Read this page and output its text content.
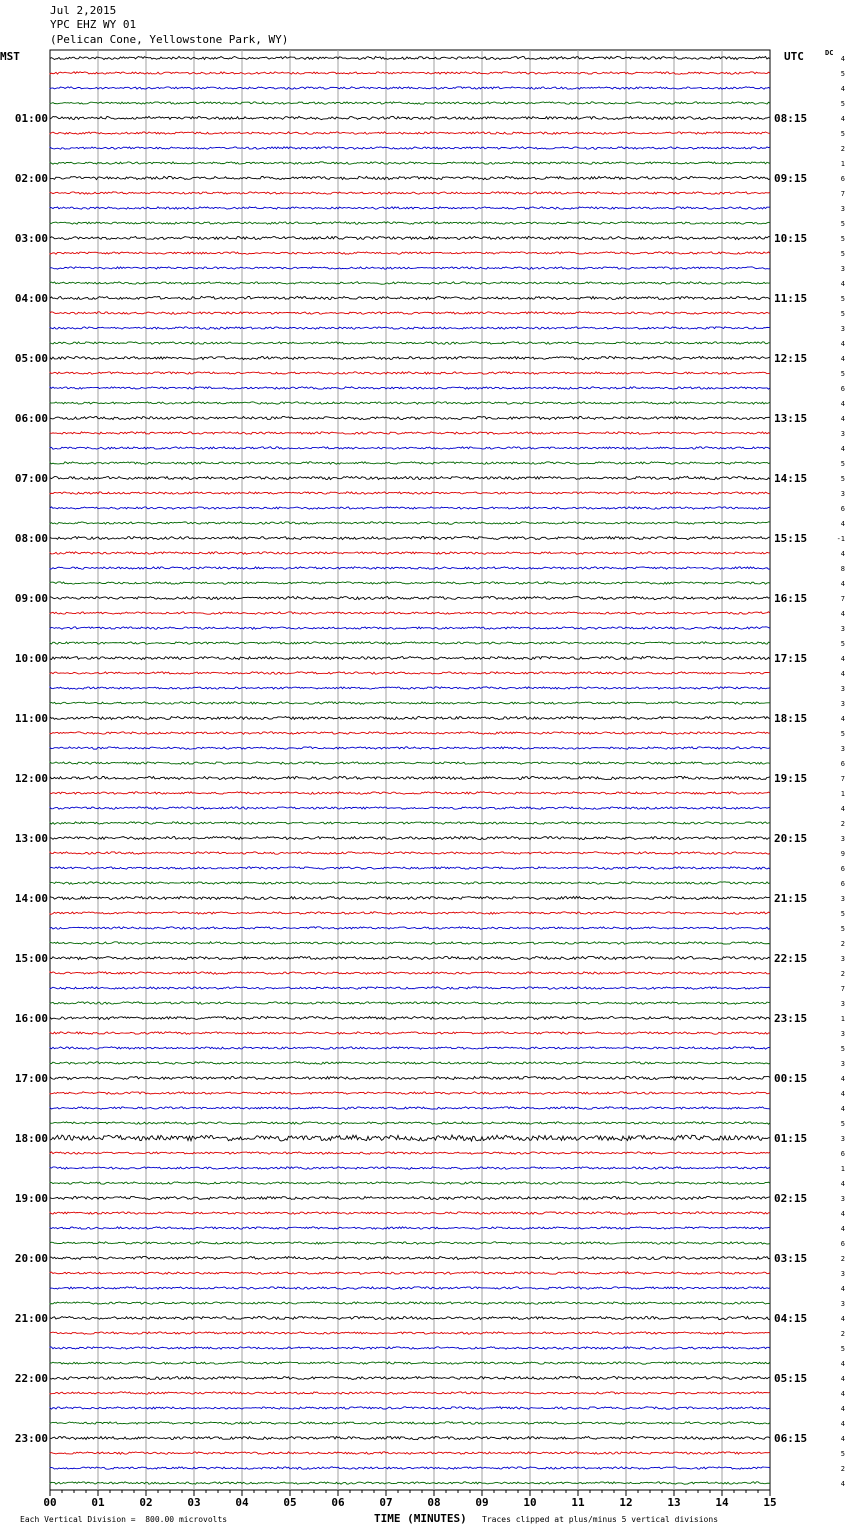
Jul 2,2015
YPC EHZ WY 01
(Pelican Cone, Yellowstone Park, WY)
MST	UTC	DC
01:00	08:15
02:00	09:15
03:00	10:15
04:00	11:15
05:00	12:15
06:00	13:15
07:00	14:15
08:00	15:15
09:00	16:15
10:00	17:15
11:00	18:15
12:00	19:15
13:00	20:15
14:00	21:15
15:00	22:15
16:00	23:15
17:00	00:15
18:00	01:15
19:00	02:15
20:00	03:15
21:00	04:15
22:00	05:15
23:00	06:15
4
5
4
5
4
5
2
1
6
7
3
5
5
5
3
4
5
5
3
4
4
5
6
4
4
3
4
5
5
3
6
4
-1
4
8
4
7
4
3
5
4
4
3
3
4
5
3
6
7
1
4
2
3
9
6
6
3
5
5
2
3
2
7
3
1
3
5
3
4
4
4
5
3
6
1
4
3
4
4
6
2
3
4
3
4
2
5
4
4
4
4
4
4
5
2
4
00	01	02	03	04	05	06	07	08	09	10	11	12	13	14	15
Each Vertical Division =  800.00 microvolts	TIME (MINUTES) Traces clipped at plus/minus 5 vertical divisions
